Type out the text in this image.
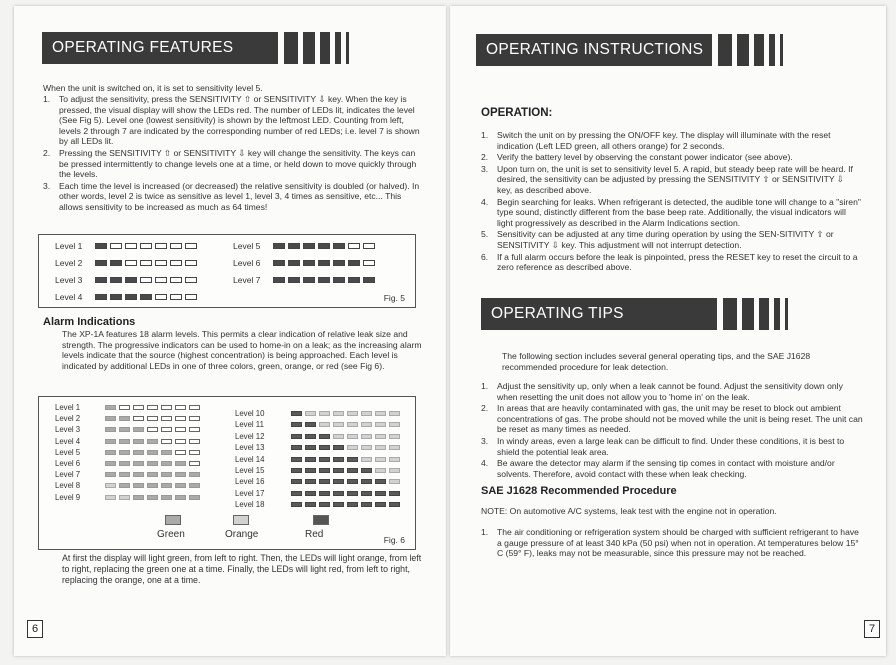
OPERATING FEATURES
When the unit is switched on, it is set to sensitivity level 5.
1. To adjust the sensitivity, press the SENSITIVITY ⇧ or SENSITIVITY ⇩ key. When the key is pressed, the visual display will show the LEDs red. The number of LEDs lit, indicates the level (See Fig 5). Level one (lowest sensitivity) is shown by the leftmost LED. Counting from left, levels 2 through 7 are indicated by the corresponding number of red LEDs; i.e. level 7 is shown by all LEDs lit.
2. Pressing the SENSITIVITY ⇧ or SENSITIVITY ⇩ key will change the sensitivity. The keys can be pressed intermittently to change levels one at a time, or held down to move quickly through the levels.
3. Each time the level is increased (or decreased) the relative sensitivity is doubled (or halved). In other words, level 2 is twice as sensitive as level 1, level 3, 4 times as sensitive, etc... This allows sensitivity to be increased as much as 64 times!
Level 1
Level 2
Level 3
Level 4
Level 5
Level 6
Level 7
Fig. 5
Alarm Indications
The XP-1A features 18 alarm levels. This permits a clear indication of relative leak size and strength. The progressive indicators can be used to home-in on a leak; as the increasing alarm levels indicate that the source (highest concentration) is being approached. Each level is indicated by additional LEDs in one of three colors, green, orange, or red (see Fig 6).
Level 1
Level 2
Level 3
Level 4
Level 5
Level 6
Level 7
Level 8
Level 9
Level 10
Level 11
Level 12
Level 13
Level 14
Level 15
Level 16
Level 17
Level 18
Green	Orange	Red	Fig. 6
At first the display will light green, from left to right. Then, the LEDs will light orange, from left to right, replacing the green one at a time. Finally, the LEDs will light red, from left to right, replacing the orange, one at a time.
6
OPERATING INSTRUCTIONS
OPERATION:
1. Switch the unit on by pressing the ON/OFF key. The display will illuminate with the reset indication (Left LED green, all others orange) for 2 seconds.
2. Verify the battery level by observing the constant power indicator (see above).
3. Upon turn on, the unit is set to sensitivity level 5. A rapid, but steady beep rate will be heard. If desired, the sensitivity can be adjusted by pressing the SENSITIVITY ⇧ or SENSITIVITY ⇩ key, as described above.
4. Begin searching for leaks. When refrigerant is detected, the audible tone will change to a "siren" type sound, distinctly different from the base beep rate. Additionally, the visual indicators will light progressively as described in the Alarm Indications section.
5. Sensitivity can be adjusted at any time during operation by using the SEN-SITIVITY ⇧ or SENSITIVITY ⇩ key. This adjustment will not interrupt detection.
6. If a full alarm occurs before the leak is pinpointed, press the RESET key to reset the circuit to a zero reference as described above.
OPERATING TIPS
The following section includes several general operating tips, and the SAE J1628 recommended procedure for leak detection.
1. Adjust the sensitivity up, only when a leak cannot be found. Adjust the sensitivity down only when resetting the unit does not allow you to 'home in' on the leak.
2. In areas that are heavily contaminated with gas, the unit may be reset to block out ambient concentrations of gas. The probe should not be moved while the unit is being reset. The unit can be reset as many times as needed.
3. In windy areas, even a large leak can be difficult to find. Under these conditions, it is best to shield the potential leak area.
4. Be aware the detector may alarm if the sensing tip comes in contact with moisture and/or solvents. Therefore, avoid contact with these when leak checking.
SAE J1628 Recommended Procedure
NOTE: On automotive A/C systems, leak test with the engine not in operation.
1. The air conditioning or refrigeration system should be charged with sufficient refrigerant to have a gauge pressure of at least 340 kPa (50 psi) when not in operation. At temperatures below 15° C (59° F), leaks may not be measurable, since this pressure may not be reached.
7
